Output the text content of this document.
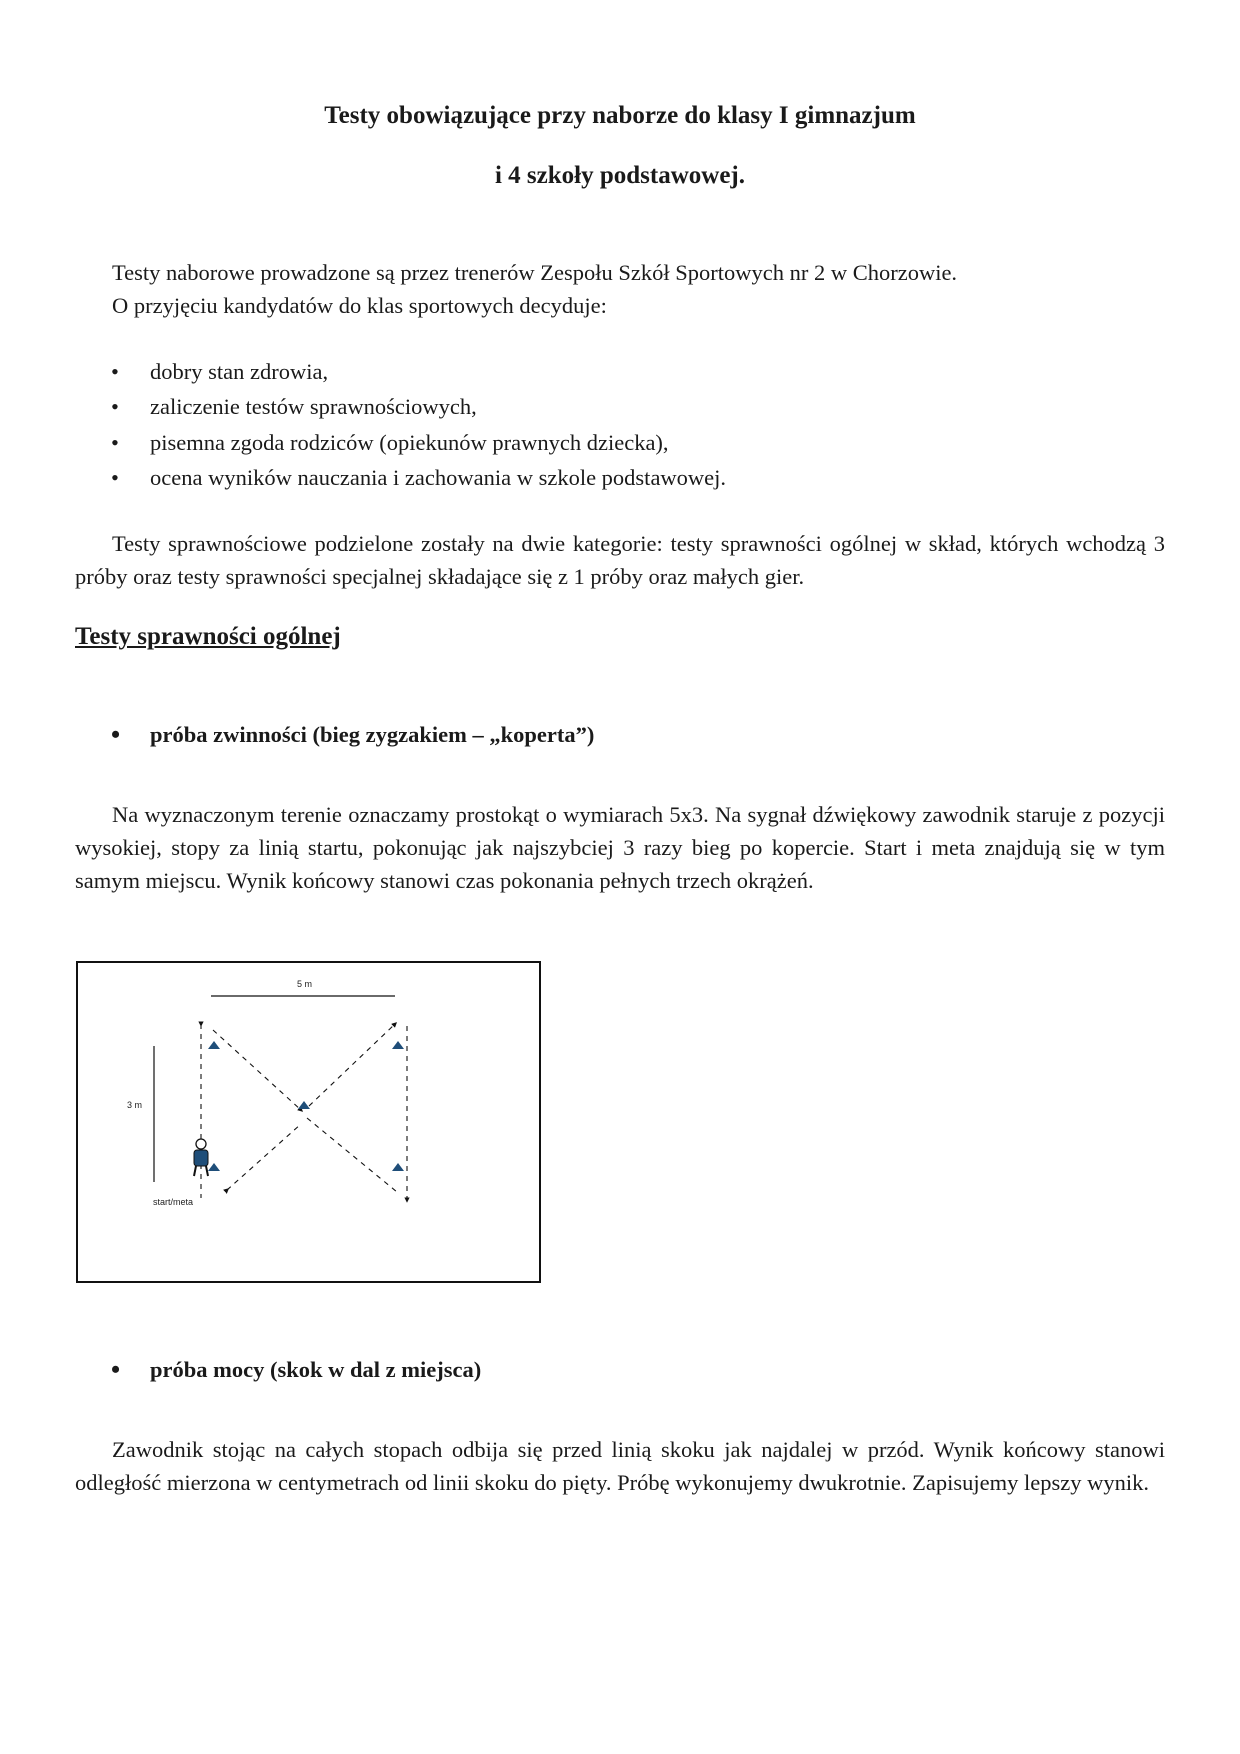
Testy obowiązujące przy naborze do klasy I gimnazjum
i 4 szkoły podstawowej.

Testy naborowe prowadzone są przez trenerów Zespołu Szkół Sportowych nr 2 w Chorzowie.

O przyjęciu kandydatów do klas sportowych decyduje:

• dobry stan zdrowia,
• zaliczenie testów sprawnościowych,
• pisemna zgoda rodziców (opiekunów prawnych dziecka),
• ocena wyników nauczania i zachowania w szkole podstawowej.

Testy sprawnościowe podzielone zostały na dwie kategorie: testy sprawności ogólnej w skład, których wchodzą 3 próby oraz testy sprawności specjalnej składające się z 1 próby oraz małych gier.

Testy sprawności ogólnej
• próba zwinności (bieg zygzakiem – „koperta”)

Na wyznaczonym terenie oznaczamy prostokąt o wymiarach 5x3. Na sygnał dźwiękowy zawodnik staruje z pozycji wysokiej, stopy za linią startu, pokonując jak najszybciej 3 razy bieg po kopercie. Start i meta znajdują się w tym samym miejscu. Wynik końcowy stanowi czas pokonania pełnych trzech okrążeń.

5 m
3 m
start/meta
• próba mocy (skok w dal z miejsca)

Zawodnik stojąc na całych stopach odbija się przed linią skoku jak najdalej w przód. Wynik końcowy stanowi odległość mierzona w centymetrach od linii skoku do pięty. Próbę wykonujemy dwukrotnie. Zapisujemy lepszy wynik.
